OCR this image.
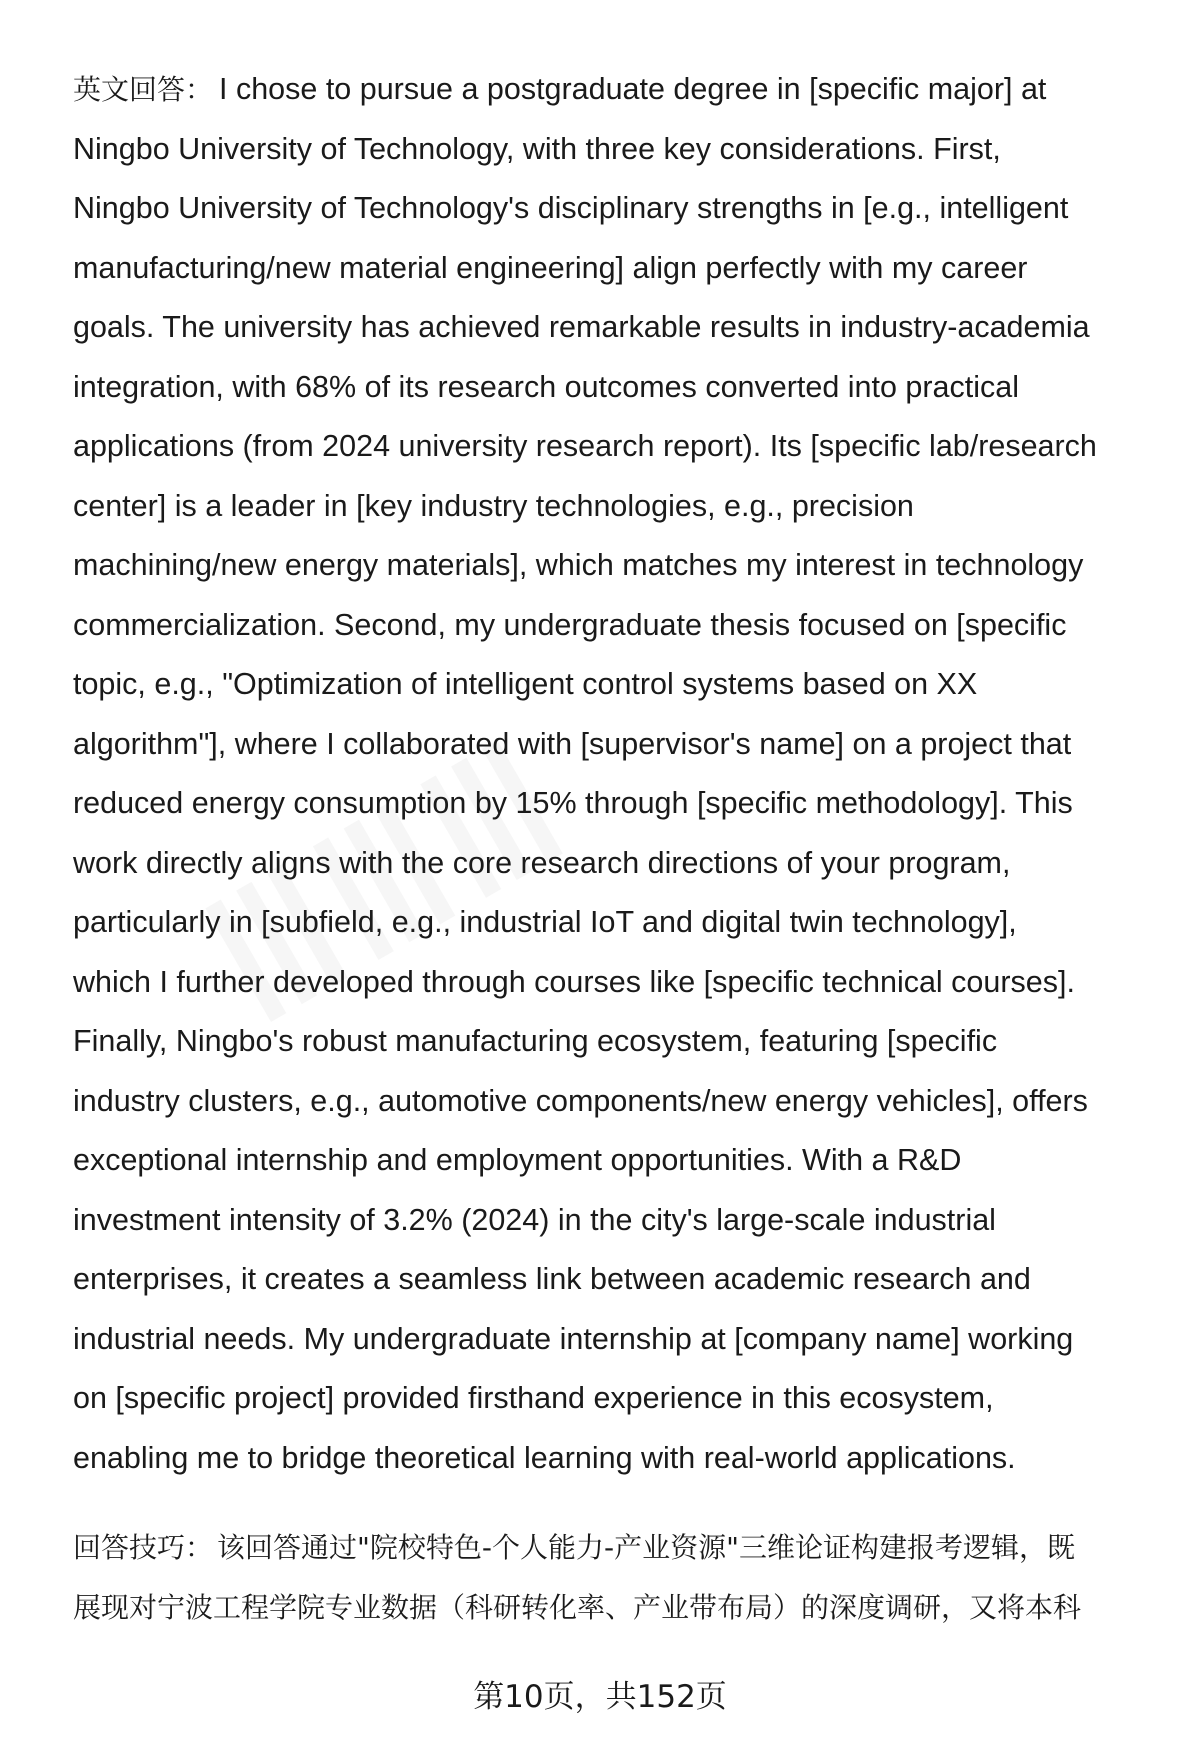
英文回答： I chose to pursue a postgraduate degree in [specific major] at
Ningbo University of Technology, with three key considerations. First,
Ningbo University of Technology's disciplinary strengths in [e.g., intelligent
manufacturing/new material engineering] align perfectly with my career
goals. The university has achieved remarkable results in industry-academia
integration, with 68% of its research outcomes converted into practical
applications (from 2024 university research report). Its [specific lab/research
center] is a leader in [key industry technologies, e.g., precision
machining/new energy materials], which matches my interest in technology
commercialization. Second, my undergraduate thesis focused on [specific
topic, e.g., "Optimization of intelligent control systems based on XX
algorithm"], where I collaborated with [supervisor's name] on a project that
reduced energy consumption by 15% through [specific methodology]. This
work directly aligns with the core research directions of your program,
particularly in [subfield, e.g., industrial IoT and digital twin technology],
which I further developed through courses like [specific technical courses].
Finally, Ningbo's robust manufacturing ecosystem, featuring [specific
industry clusters, e.g., automotive components/new energy vehicles], offers
exceptional internship and employment opportunities. With a R&D
investment intensity of 3.2% (2024) in the city's large-scale industrial
enterprises, it creates a seamless link between academic research and
industrial needs. My undergraduate internship at [company name] working
on [specific project] provided firsthand experience in this ecosystem,
enabling me to bridge theoretical learning with real-world applications.
回答技巧： 该回答通过"院校特色-个人能力-产业资源"三维论证构建报考逻辑，既
展现对宁波工程学院专业数据（科研转化率、产业带布局）的深度调研，又将本科
第10页，共152页
